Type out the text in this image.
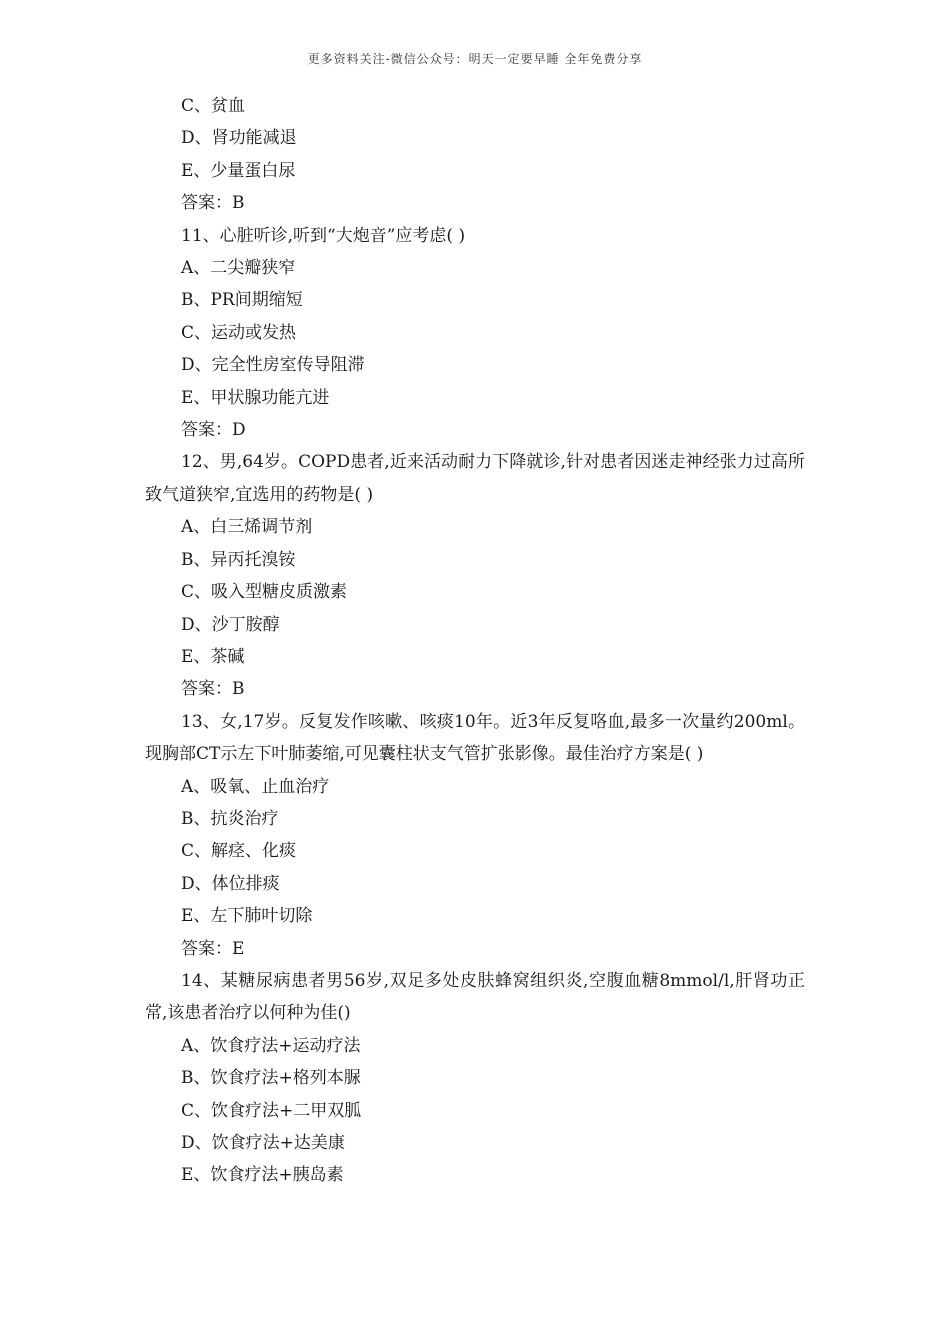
更多资料关注-微信公众号：明天一定要早睡 全年免费分享
C、贫血
D、肾功能减退
E、少量蛋白尿
答案：B
11、心脏听诊,听到“大炮音”应考虑( )
A、二尖瓣狭窄
B、PR间期缩短
C、运动或发热
D、完全性房室传导阻滞
E、甲状腺功能亢进
答案：D
12、男,64岁。COPD患者,近来活动耐力下降就诊,针对患者因迷走神经张力过高所致气道狭窄,宜选用的药物是( )
A、白三烯调节剂
B、异丙托溴铵
C、吸入型糖皮质激素
D、沙丁胺醇
E、茶碱
答案：B
13、女,17岁。反复发作咳嗽、咳痰10年。近3年反复咯血,最多一次量约200ml。现胸部CT示左下叶肺萎缩,可见囊柱状支气管扩张影像。最佳治疗方案是( )
A、吸氧、止血治疗
B、抗炎治疗
C、解痉、化痰
D、体位排痰
E、左下肺叶切除
答案：E
14、某糖尿病患者男56岁,双足多处皮肤蜂窝组织炎,空腹血糖8mmol/l,肝肾功正常,该患者治疗以何种为佳()
A、饮食疗法+运动疗法
B、饮食疗法+格列本脲
C、饮食疗法+二甲双胍
D、饮食疗法+达美康
E、饮食疗法+胰岛素
